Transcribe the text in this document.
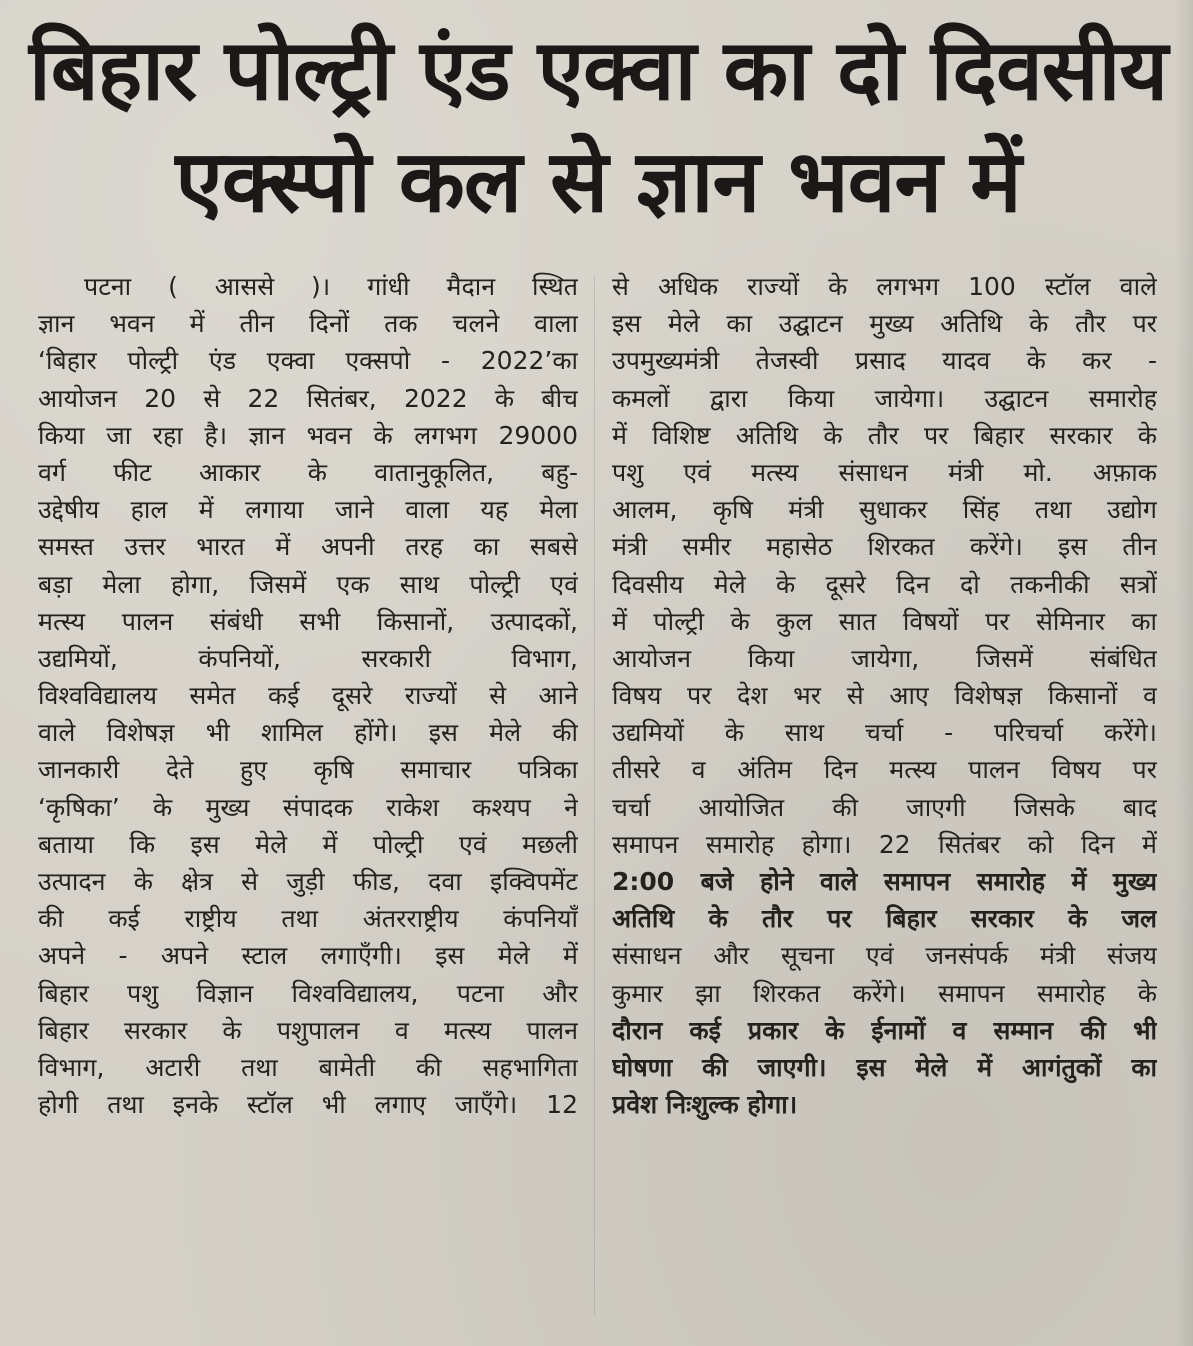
बिहार पोल्ट्री एंड एक्वा का दो दिवसीय
एक्स्पो कल से ज्ञान भवन में
पटना ( आससे )। गांधी मैदान स्थित
ज्ञान भवन में तीन दिनों तक चलने वाला
‘बिहार पोल्ट्री एंड एक्वा एक्सपो - 2022’का
आयोजन 20 से 22 सितंबर, 2022 के बीच
किया जा रहा है। ज्ञान भवन के लगभग 29000
वर्ग फीट आकार के वातानुकूलित, बहु-
उद्देषीय हाल में लगाया जाने वाला यह मेला
समस्त उत्तर भारत में अपनी तरह का सबसे
बड़ा मेला होगा, जिसमें एक साथ पोल्ट्री एवं
मत्स्य पालन संबंधी सभी किसानों, उत्पादकों,
उद्यमियों, कंपनियों, सरकारी विभाग,
विश्वविद्यालय समेत कई दूसरे राज्यों से आने
वाले विशेषज्ञ भी शामिल होंगे। इस मेले की
जानकारी देते हुए कृषि समाचार पत्रिका
‘कृषिका’ के मुख्य संपादक राकेश कश्यप ने
बताया कि इस मेले में पोल्ट्री एवं मछली
उत्पादन के क्षेत्र से जुड़ी फीड, दवा इक्विपमेंट
की कई राष्ट्रीय तथा अंतरराष्ट्रीय कंपनियाँ
अपने - अपने स्टाल लगाएँगी। इस मेले में
बिहार पशु विज्ञान विश्वविद्यालय, पटना और
बिहार सरकार के पशुपालन व मत्स्य पालन
विभाग, अटारी तथा बामेती की सहभागिता
होगी तथा इनके स्टॉल भी लगाए जाएँगे। 12
से अधिक राज्यों के लगभग 100 स्टॉल वाले
इस मेले का उद्घाटन मुख्य अतिथि के तौर पर
उपमुख्यमंत्री तेजस्वी प्रसाद यादव के कर -
कमलों द्वारा किया जायेगा। उद्घाटन समारोह
में विशिष्ट अतिथि के तौर पर बिहार सरकार के
पशु एवं मत्स्य संसाधन मंत्री मो. अफ़ाक
आलम, कृषि मंत्री सुधाकर सिंह तथा उद्योग
मंत्री समीर महासेठ शिरकत करेंगे। इस तीन
दिवसीय मेले के दूसरे दिन दो तकनीकी सत्रों
में पोल्ट्री के कुल सात विषयों पर सेमिनार का
आयोजन किया जायेगा, जिसमें संबंधित
विषय पर देश भर से आए विशेषज्ञ किसानों व
उद्यमियों के साथ चर्चा - परिचर्चा करेंगे।
तीसरे व अंतिम दिन मत्स्य पालन विषय पर
चर्चा आयोजित की जाएगी जिसके बाद
समापन समारोह होगा। 22 सितंबर को दिन में
2:00 बजे होने वाले समापन समारोह में मुख्य
अतिथि के तौर पर बिहार सरकार के जल
संसाधन और सूचना एवं जनसंपर्क मंत्री संजय
कुमार झा शिरकत करेंगे। समापन समारोह के
दौरान कई प्रकार के ईनामों व सम्मान की भी
घोषणा की जाएगी। इस मेले में आगंतुकों का
प्रवेश निःशुल्क होगा।
